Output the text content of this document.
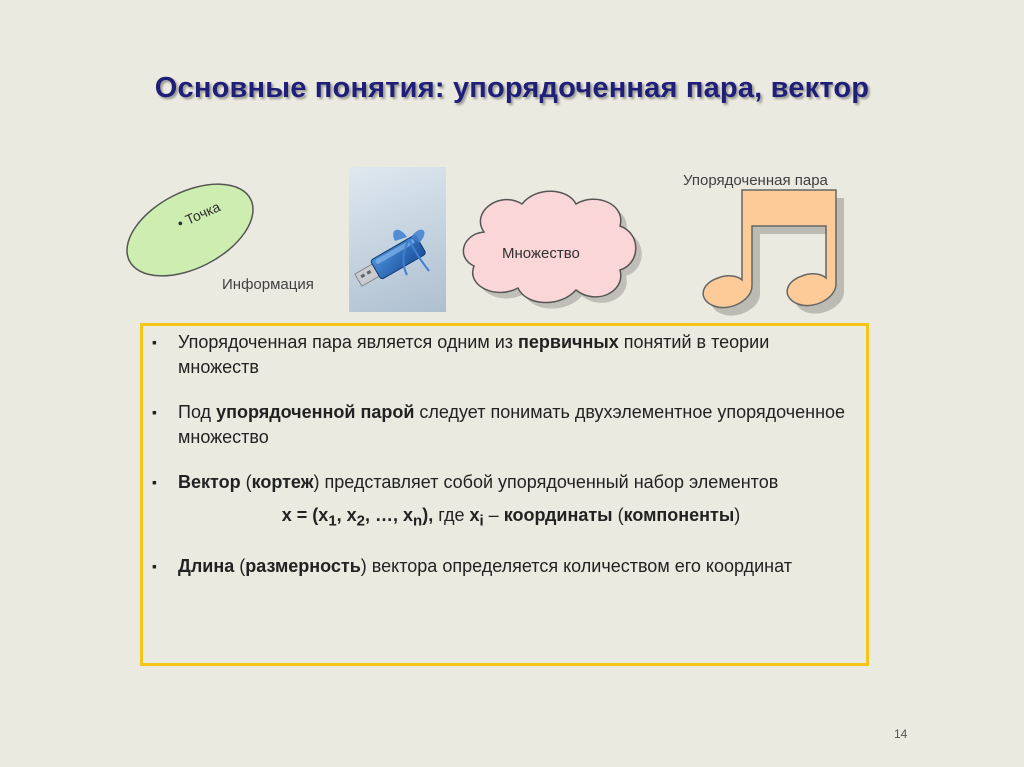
Основные понятия: упорядоченная пара, вектор
• Точка
Информация
Множество
Упорядоченная пара
▪ Упорядоченная пара является одним из первичных понятий в теории множеств
▪ Под упорядоченной парой следует понимать двухэлементное упорядоченное множество
▪ Вектор (кортеж) представляет собой упорядоченный набор элементов
$x = (x_1$, $x_2$, …, $x_n$), где $x_i$ – координаты (компоненты)
▪ Длина (размерность) вектора определяется количеством его координат
14
